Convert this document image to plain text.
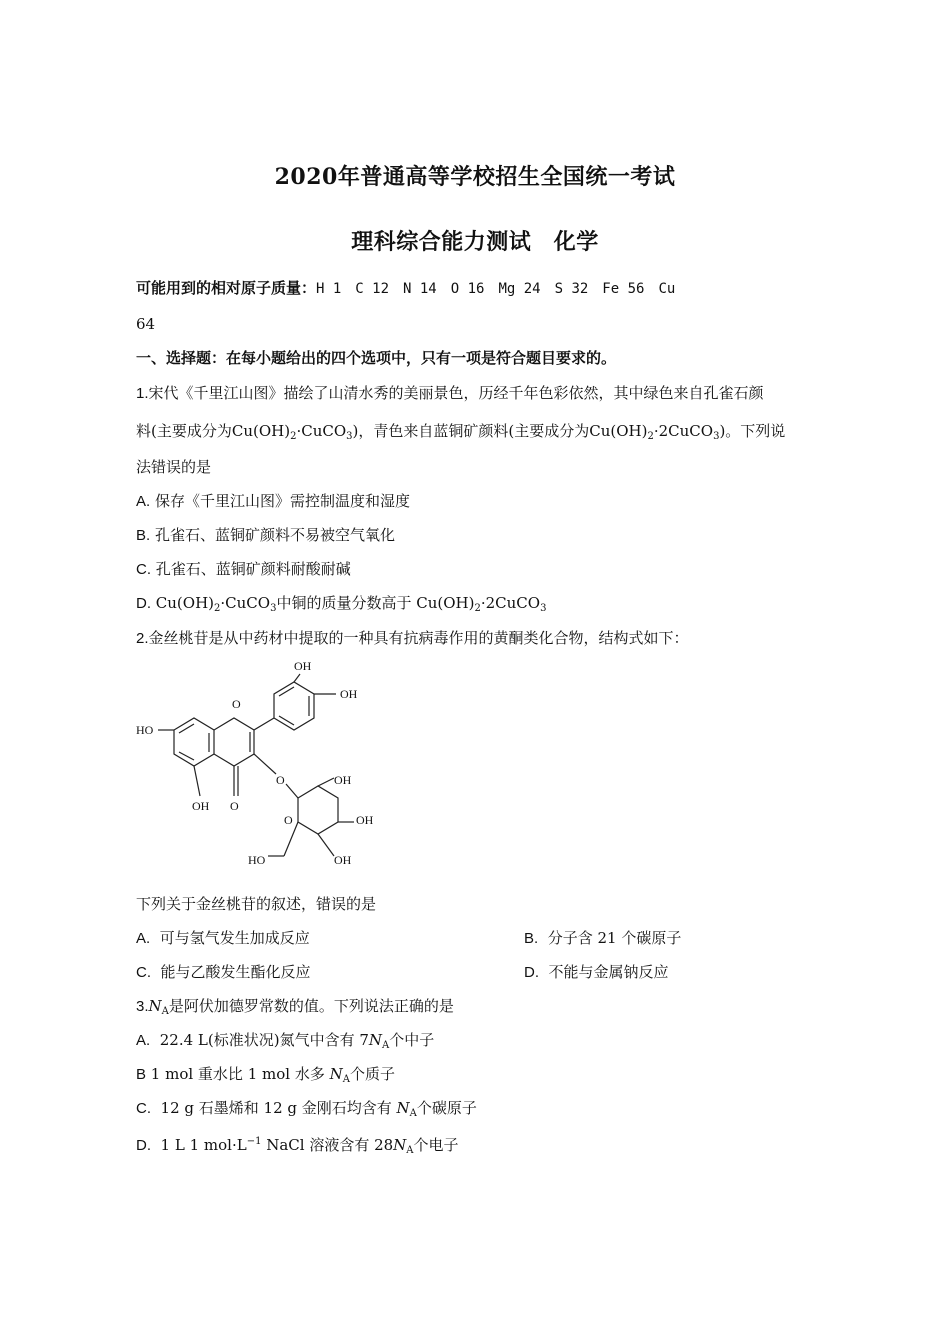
2020年普通高等学校招生全国统一考试
理科综合能力测试　化学
可能用到的相对原子质量：H 1　C 12　N 14　O 16　Mg 24　S 32　Fe 56　Cu
64
一、选择题：在每小题给出的四个选项中，只有一项是符合题目要求的。
1.宋代《千里江山图》描绘了山清水秀的美丽景色，历经千年色彩依然，其中绿色来自孔雀石颜
料(主要成分为$Cu(OH)_2\cdot CuCO_3$)，青色来自蓝铜矿颜料(主要成分为$Cu(OH)_2\cdot 2CuCO_3$)。下列说
法错误的是
A. 保存《千里江山图》需控制温度和湿度
B. 孔雀石、蓝铜矿颜料不易被空气氧化
C. 孔雀石、蓝铜矿颜料耐酸耐碱
D. $Cu(OH)_2\cdot CuCO_3$中铜的质量分数高于 $Cu(OH)_2\cdot 2CuCO_3$
2.金丝桃苷是从中药材中提取的一种具有抗病毒作用的黄酮类化合物，结构式如下：
OH
OH
HO
O
O
O
OH
OH
OH
OH
O
HO
下列关于金丝桃苷的叙述，错误的是
A. 可与氢气发生加成反应	B. 分子含 21 个碳原子
C. 能与乙酸发生酯化反应	D. 不能与金属钠反应
$3.N_A$是阿伏加德罗常数的值。下列说法正确的是
A. 22.4 L(标准状况)氮气中含有 $7N_A$个中子
B 1 mol 重水比 1 mol 水多 $N_A$个质子
C. 12 g 石墨烯和 12 g 金刚石均含有 $N_A$个碳原子
D. 1 L 1 $mol\cdot L^{-1}$ NaCl 溶液含有 $28N_A$个电子
